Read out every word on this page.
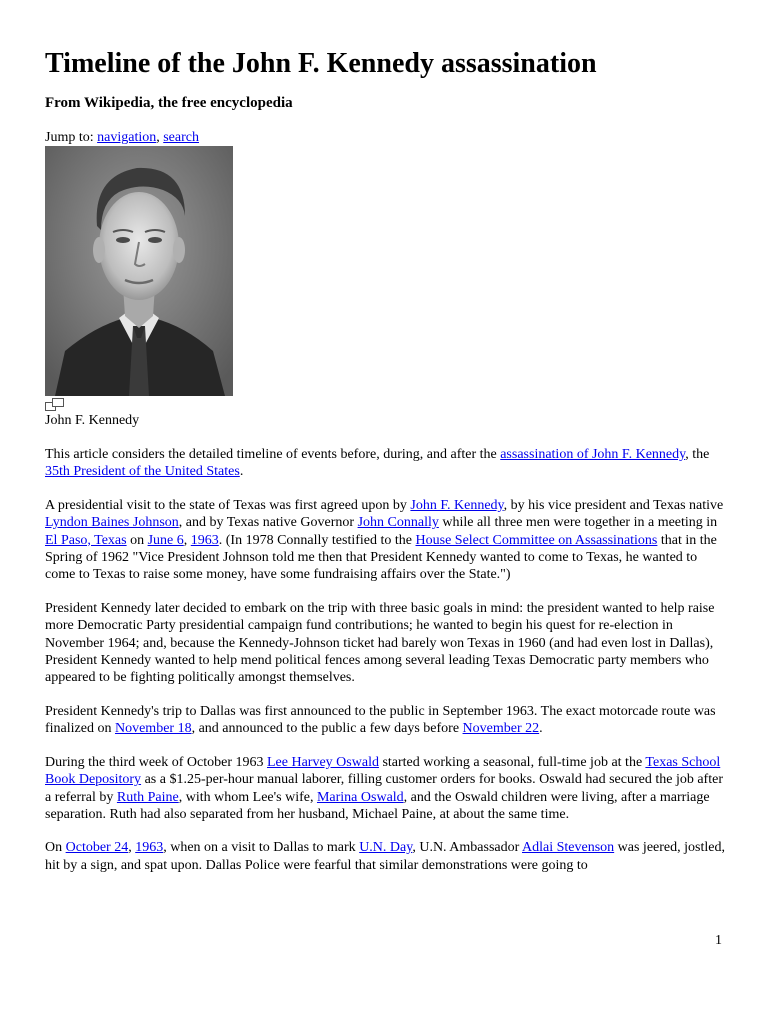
Timeline of the John F. Kennedy assassination
From Wikipedia, the free encyclopedia
Jump to: navigation, search
John F. Kennedy

This article considers the detailed timeline of events before, during, and after the assassination of John F. Kennedy, the 35th President of the United States.

A presidential visit to the state of Texas was first agreed upon by John F. Kennedy, by his vice president and Texas native Lyndon Baines Johnson, and by Texas native Governor John Connally while all three men were together in a meeting in El Paso, Texas on June 6, 1963. (In 1978 Connally testified to the House Select Committee on Assassinations that in the Spring of 1962 "Vice President Johnson told me then that President Kennedy wanted to come to Texas, he wanted to come to Texas to raise some money, have some fundraising affairs over the State.")

President Kennedy later decided to embark on the trip with three basic goals in mind: the president wanted to help raise more Democratic Party presidential campaign fund contributions; he wanted to begin his quest for re-election in November 1964; and, because the Kennedy-Johnson ticket had barely won Texas in 1960 (and had even lost in Dallas), President Kennedy wanted to help mend political fences among several leading Texas Democratic party members who appeared to be fighting politically amongst themselves.

President Kennedy's trip to Dallas was first announced to the public in September 1963. The exact motorcade route was finalized on November 18, and announced to the public a few days before November 22.

During the third week of October 1963 Lee Harvey Oswald started working a seasonal, full-time job at the Texas School Book Depository as a $1.25-per-hour manual laborer, filling customer orders for books. Oswald had secured the job after a referral by Ruth Paine, with whom Lee's wife, Marina Oswald, and the Oswald children were living, after a marriage separation. Ruth had also separated from her husband, Michael Paine, at about the same time.

On October 24, 1963, when on a visit to Dallas to mark U.N. Day, U.N. Ambassador Adlai Stevenson was jeered, jostled, hit by a sign, and spat upon. Dallas Police were fearful that similar demonstrations were going to

1
